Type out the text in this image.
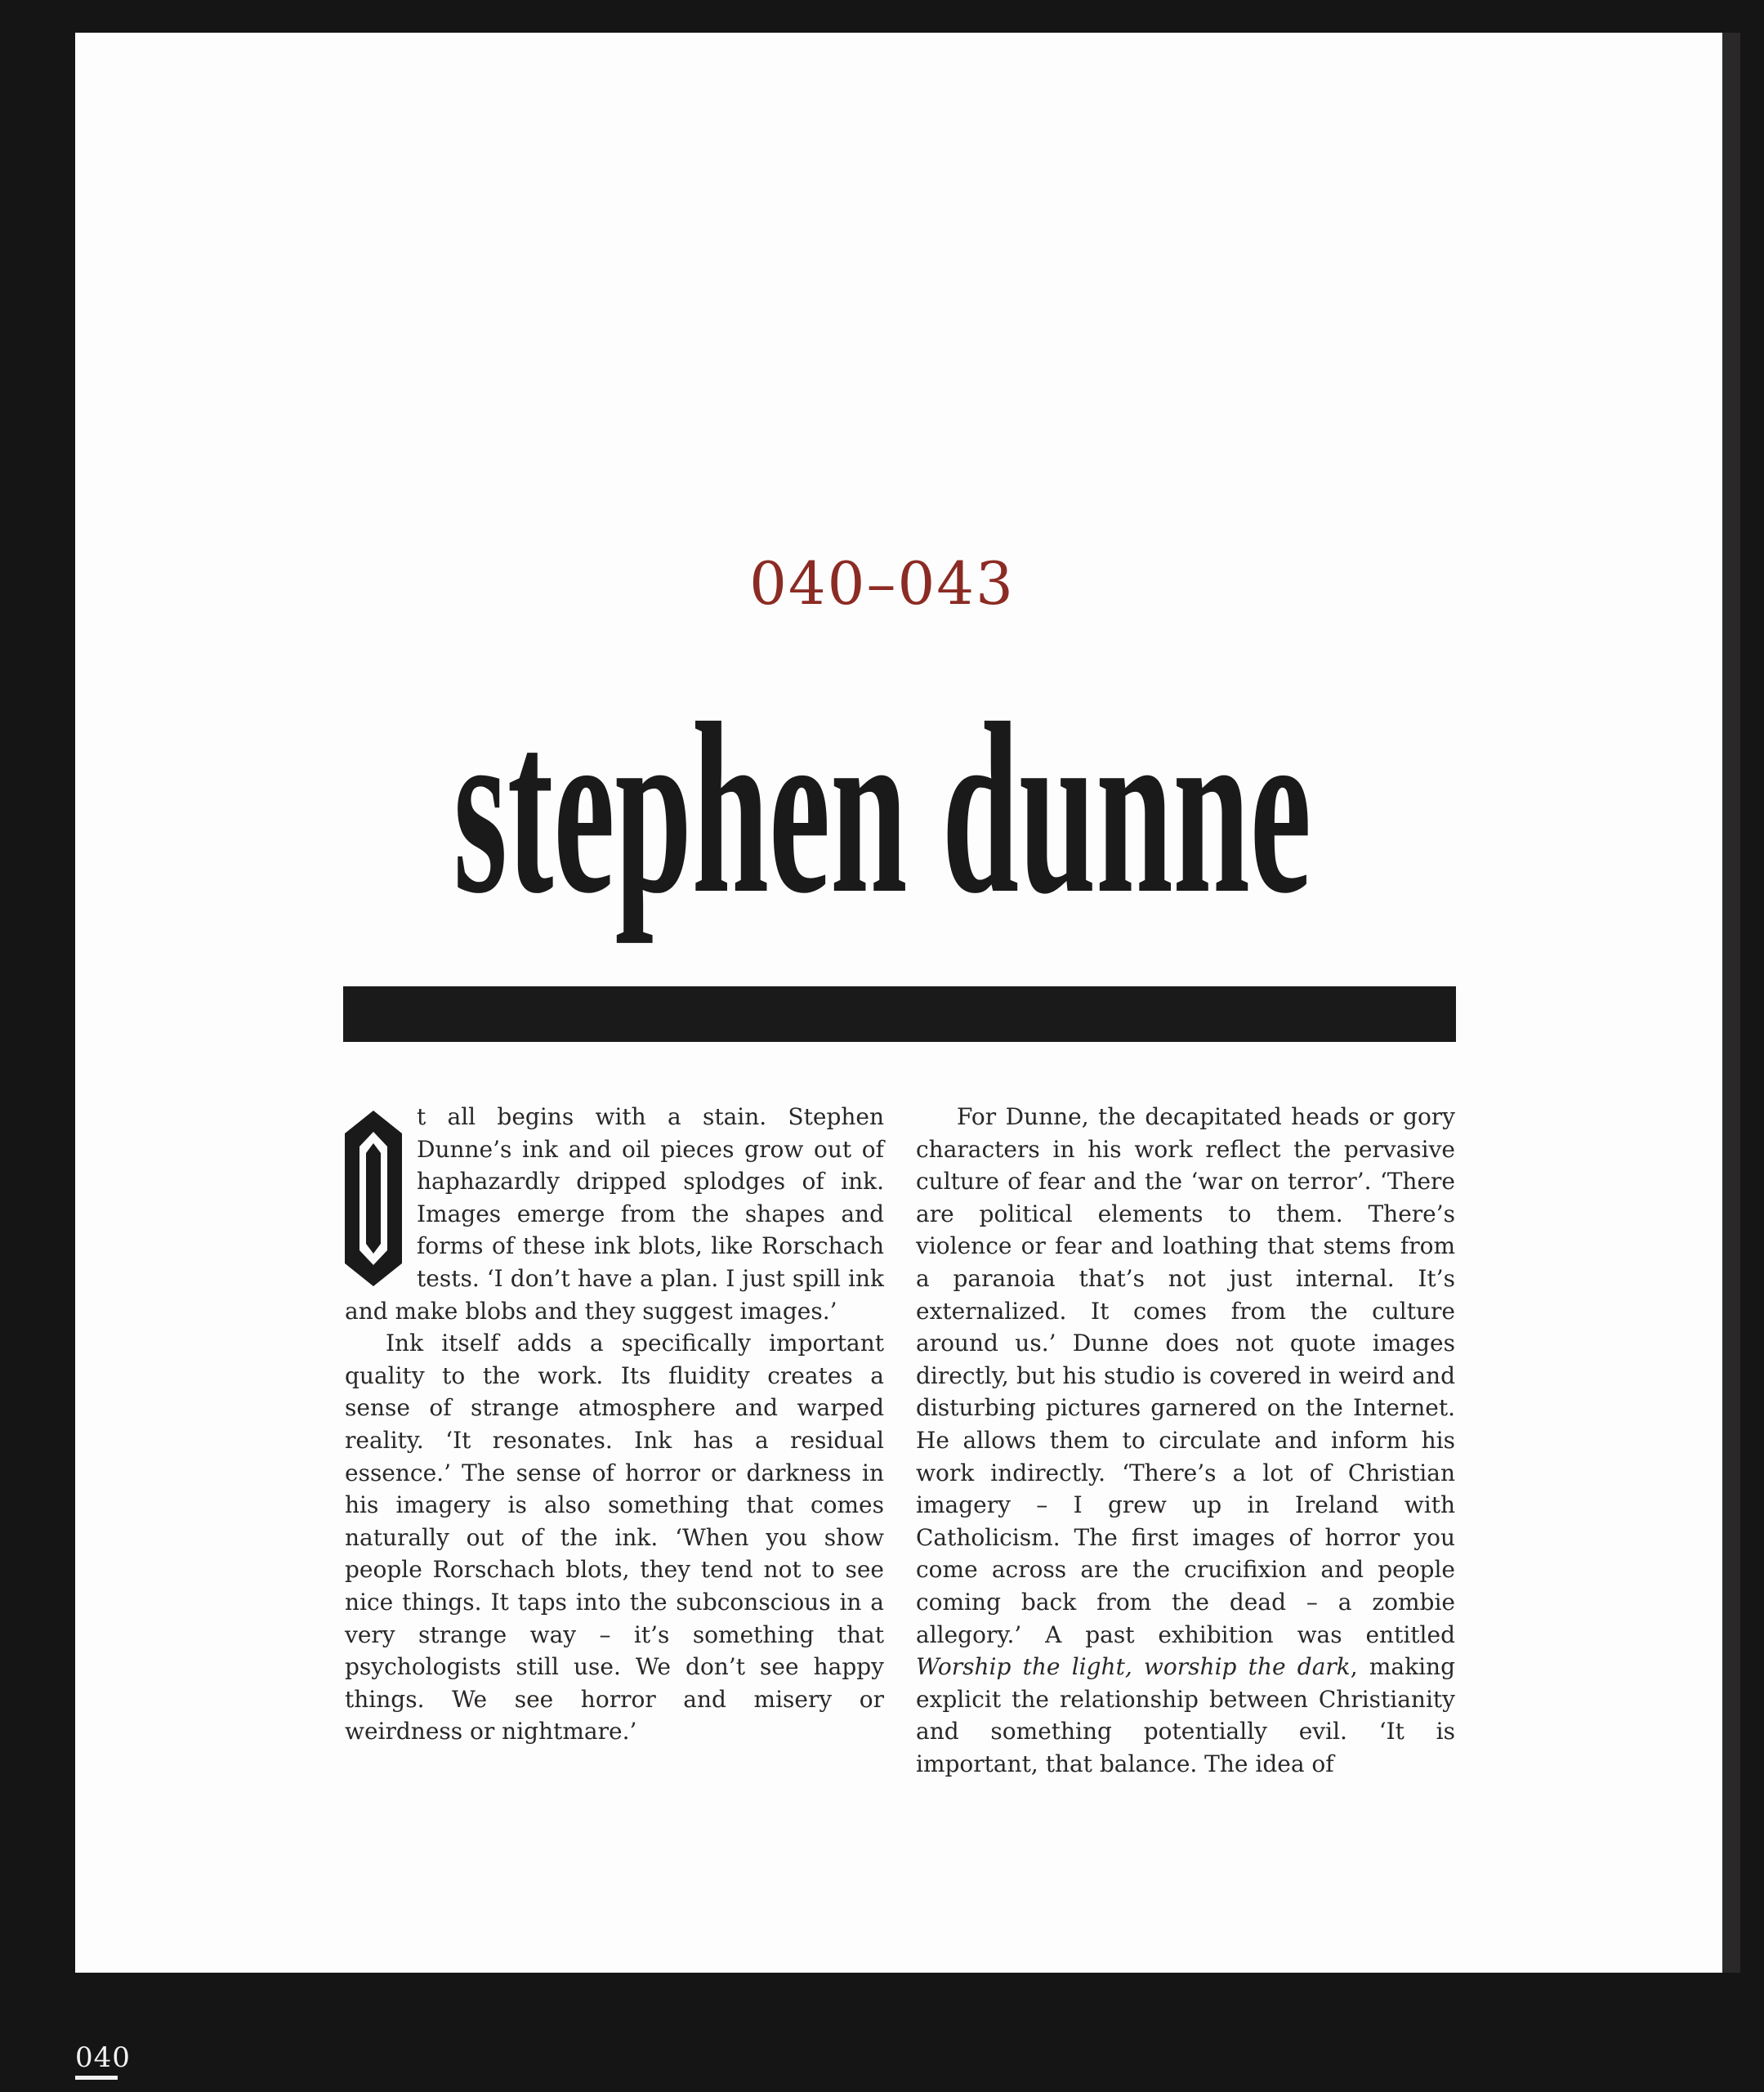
040–043

stephen dunne

t all begins with a stain. Stephen Dunne’s ink and oil pieces grow out of haphazardly dripped splodges of ink. Images emerge from the shapes and forms of these ink blots, like Rorschach tests. ‘I don’t have a plan. I just spill ink and make blobs and they suggest images.’

Ink itself adds a specifically important quality to the work. Its fluidity creates a sense of strange atmosphere and warped reality. ‘It resonates. Ink has a residual essence.’ The sense of horror or darkness in his imagery is also something that comes naturally out of the ink. ‘When you show people Rorschach blots, they tend not to see nice things. It taps into the subconscious in a very strange way – it’s something that psychologists still use. We don’t see happy things. We see horror and misery or weirdness or nightmare.’

For Dunne, the decapitated heads or gory characters in his work reflect the pervasive culture of fear and the ‘war on terror’. ‘There are political elements to them. There’s violence or fear and loathing that stems from a paranoia that’s not just internal. It’s externalized. It comes from the culture around us.’ Dunne does not quote images directly, but his studio is covered in weird and disturbing pictures garnered on the Internet. He allows them to circulate and inform his work indirectly. ‘There’s a lot of Christian imagery – I grew up in Ireland with Catholicism. The first images of horror you come across are the crucifixion and people coming back from the dead – a zombie allegory.’ A past exhibition was entitled Worship the light, worship the dark, making explicit the relationship between Christianity and something potentially evil. ‘It is important, that balance. The idea of

040
